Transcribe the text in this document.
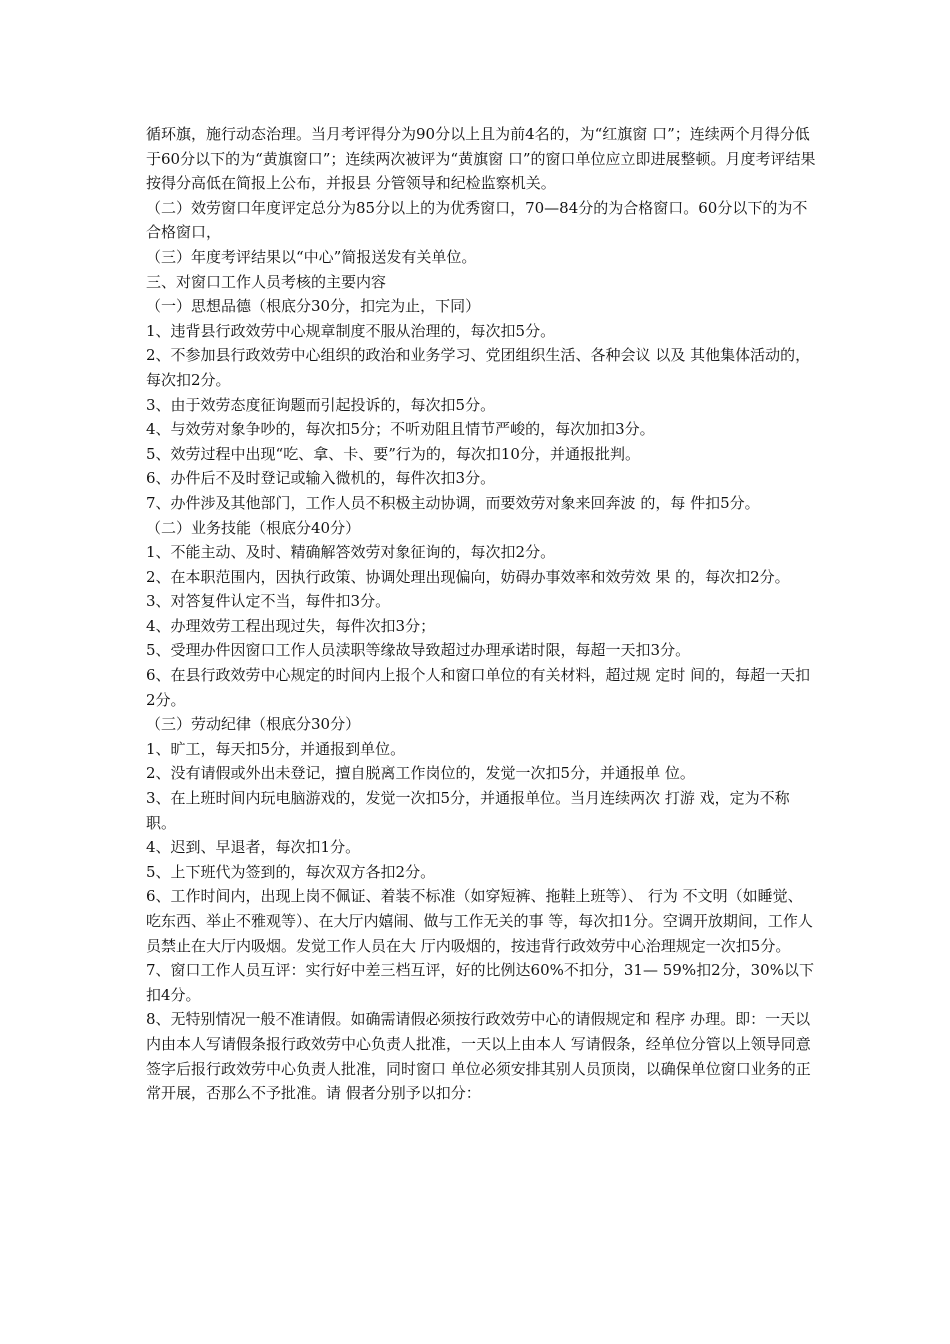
循环旗，施行动态治理。当月考评得分为90分以上且为前4名的，为“红旗窗 口”；连续两个月得分低于60分以下的为“黄旗窗口”；连续两次被评为“黄旗窗 口”的窗口单位应立即进展整顿。月度考评结果按得分高低在简报上公布，并报县 分管领导和纪检监察机关。

（二）效劳窗口年度评定总分为85分以上的为优秀窗口，70—84分的为合格窗口。60分以下的为不合格窗口，

（三）年度考评结果以“中心”简报送发有关单位。

三、对窗口工作人员考核的主要内容

（一）思想品德（根底分30分，扣完为止，下同）

1、违背县行政效劳中心规章制度不服从治理的，每次扣5分。

2、不参加县行政效劳中心组织的政治和业务学习、党团组织生活、各种会议 以及 其他集体活动的，每次扣2分。

3、由于效劳态度征询题而引起投诉的，每次扣5分。

4、与效劳对象争吵的，每次扣5分；不听劝阻且情节严峻的，每次加扣3分。

5、效劳过程中出现“吃、拿、卡、要”行为的，每次扣10分，并通报批判。

6、办件后不及时登记或输入微机的，每件次扣3分。

7、办件涉及其他部门，工作人员不积极主动协调，而要效劳对象来回奔波 的，每 件扣5分。

（二）业务技能（根底分40分）

1、不能主动、及时、精确解答效劳对象征询的，每次扣2分。

2、在本职范围内，因执行政策、协调处理出现偏向，妨碍办事效率和效劳效 果 的，每次扣2分。

3、对答复件认定不当，每件扣3分。

4、办理效劳工程出现过失，每件次扣3分；

5、受理办件因窗口工作人员渎职等缘故导致超过办理承诺时限，每超一天扣3分。

6、在县行政效劳中心规定的时间内上报个人和窗口单位的有关材料，超过规 定时 间的，每超一天扣2分。

（三）劳动纪律（根底分30分）

1、旷工，每天扣5分，并通报到单位。

2、没有请假或外出未登记，擅自脱离工作岗位的，发觉一次扣5分，并通报单 位。

3、在上班时间内玩电脑游戏的，发觉一次扣5分，并通报单位。当月连续两次 打游 戏，定为不称职。

4、迟到、早退者，每次扣1分。

5、上下班代为签到的，每次双方各扣2分。

6、工作时间内，出现上岗不佩证、着装不标准（如穿短裤、拖鞋上班等）、 行为 不文明（如睡觉、吃东西、举止不雅观等）、在大厅内嬉闹、做与工作无关的事 等，每次扣1分。空调开放期间，工作人员禁止在大厅内吸烟。发觉工作人员在大 厅内吸烟的，按违背行政效劳中心治理规定一次扣5分。

7、窗口工作人员互评：实行好中差三档互评，好的比例达60%不扣分，31— 59%扣2分，30%以下扣4分。

8、无特别情况一般不准请假。如确需请假必须按行政效劳中心的请假规定和 程序 办理。即：一天以内由本人写请假条报行政效劳中心负责人批准，一天以上由本人 写请假条，经单位分管以上领导同意签字后报行政效劳中心负责人批准，同时窗口 单位必须安排其别人员顶岗，以确保单位窗口业务的正常开展，否那么不予批准。请 假者分别予以扣分：
